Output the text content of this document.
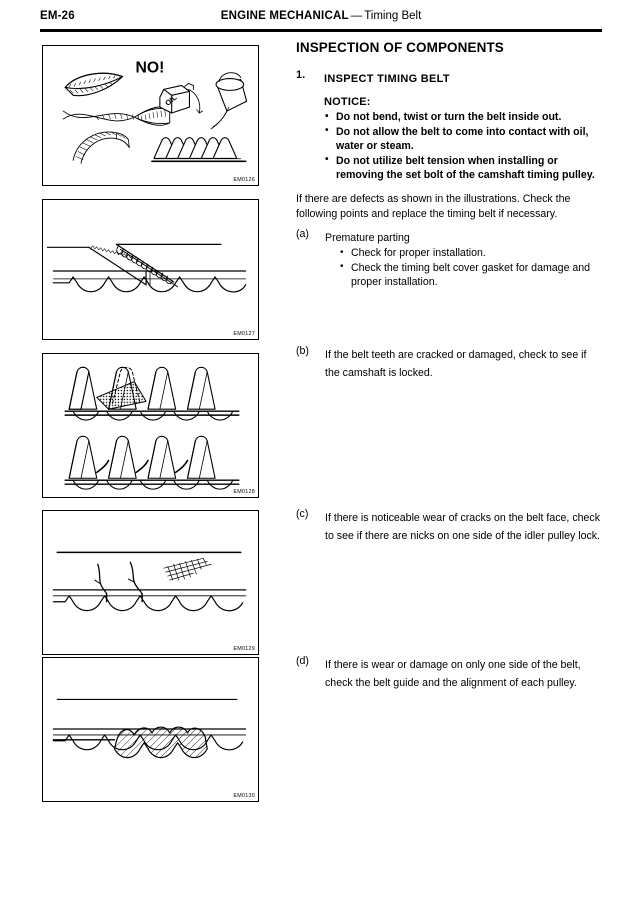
EM-26	ENGINE MECHANICAL — Timing Belt
OIL
NO!
EM0126
EM0127
EM0128
EM0129
EM0130
INSPECTION OF COMPONENTS
1. INSPECT TIMING BELT
NOTICE:
• Do not bend, twist or turn the belt inside out.
• Do not allow the belt to come into contact with oil, water or steam.
• Do not utilize belt tension when installing or removing the set bolt of the camshaft timing pulley.

If there are defects as shown in the illustrations. Check the following points and replace the timing belt if necessary.

(a) Premature parting
• Check for proper installation.
• Check the timing belt cover gasket for damage and proper installation.
(b) If the belt teeth are cracked or damaged, check to see if the camshaft is locked.
(c) If there is noticeable wear of cracks on the belt face, check to see if there are nicks on one side of the idler pulley lock.
(d) If there is wear or damage on only one side of the belt, check the belt guide and the alignment of each pulley.
